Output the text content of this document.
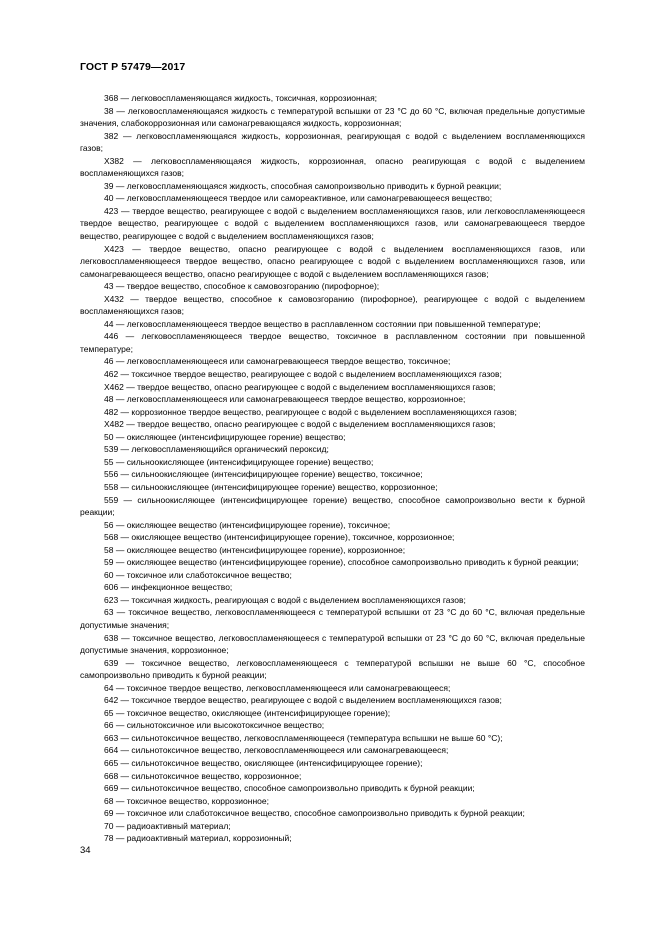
ГОСТ Р 57479—2017

368 — легковоспламеняющаяся жидкость, токсичная, коррозионная;

38 — легковоспламеняющаяся жидкость с температурой вспышки от 23 °С до 60 °С, включая предельные допустимые значения, слабокоррозионная или самонагревающаяся жидкость, коррозионная;

382 — легковоспламеняющаяся жидкость, коррозионная, реагирующая с водой с выделением воспламеняющихся газов;

X382 — легковоспламеняющаяся жидкость, коррозионная, опасно реагирующая с водой с выделением воспламеняющихся газов;

39 — легковоспламеняющаяся жидкость, способная самопроизвольно приводить к бурной реакции;

40 — легковоспламеняющееся твердое или самореактивное, или самонагревающееся вещество;

423 — твердое вещество, реагирующее с водой с выделением воспламеняющихся газов, или легковоспламеняющееся твердое вещество, реагирующее с водой с выделением воспламеняющихся газов, или самонагревающееся твердое вещество, реагирующее с водой с выделением воспламеняющихся газов;

X423 — твердое вещество, опасно реагирующее с водой с выделением воспламеняющихся газов, или легковоспламеняющееся твердое вещество, опасно реагирующее с водой с выделением воспламеняющихся газов, или самонагревающееся вещество, опасно реагирующее с водой с выделением воспламеняющихся газов;

43 — твердое вещество, способное к самовозгоранию (пирофорное);

X432 — твердое вещество, способное к самовозгоранию (пирофорное), реагирующее с водой с выделением воспламеняющихся газов;

44 — легковоспламеняющееся твердое вещество в расплавленном состоянии при повышенной температуре;

446 — легковоспламеняющееся твердое вещество, токсичное в расплавленном состоянии при повышенной температуре;

46 — легковоспламеняющееся или самонагревающееся твердое вещество, токсичное;

462 — токсичное твердое вещество, реагирующее с водой с выделением воспламеняющихся газов;

X462 — твердое вещество, опасно реагирующее с водой с выделением воспламеняющихся газов;

48 — легковоспламеняющееся или самонагревающееся твердое вещество, коррозионное;

482 — коррозионное твердое вещество, реагирующее с водой с выделением воспламеняющихся газов;

X482 — твердое вещество, опасно реагирующее с водой с выделением воспламеняющихся газов;

50 — окисляющее (интенсифицирующее горение) вещество;

539 — легковоспламеняющийся органический пероксид;

55 — сильноокисляющее (интенсифицирующее горение) вещество;

556 — сильноокисляющее (интенсифицирующее горение) вещество, токсичное;

558 — сильноокисляющее (интенсифицирующее горение) вещество, коррозионное;

559 — сильноокисляющее (интенсифицирующее горение) вещество, способное самопроизвольно вести к бурной реакции;

56 — окисляющее вещество (интенсифицирующее горение), токсичное;

568 — окисляющее вещество (интенсифицирующее горение), токсичное, коррозионное;

58 — окисляющее вещество (интенсифицирующее горение), коррозионное;

59 — окисляющее вещество (интенсифицирующее горение), способное самопроизвольно приводить к бурной реакции;

60 — токсичное или слаботоксичное вещество;

606 — инфекционное вещество;

623 — токсичная жидкость, реагирующая с водой с выделением воспламеняющихся газов;

63 — токсичное вещество, легковоспламеняющееся с температурой вспышки от 23 °С до 60 °С, включая предельные допустимые значения;

638 — токсичное вещество, легковоспламеняющееся с температурой вспышки от 23 °С до 60 °С, включая предельные допустимые значения, коррозионное;

639 — токсичное вещество, легковоспламеняющееся с температурой вспышки не выше 60 °С, способное самопроизвольно приводить к бурной реакции;

64 — токсичное твердое вещество, легковоспламеняющееся или самонагревающееся;

642 — токсичное твердое вещество, реагирующее с водой с выделением воспламеняющихся газов;

65 — токсичное вещество, окисляющее (интенсифицирующее горение);

66 — сильнотоксичное или высокотоксичное вещество;

663 — сильнотоксичное вещество, легковоспламеняющееся (температура вспышки не выше 60 °С);

664 — сильнотоксичное вещество, легковоспламеняющееся или самонагревающееся;

665 — сильнотоксичное вещество, окисляющее (интенсифицирующее горение);

668 — сильнотоксичное вещество, коррозионное;

669 — сильнотоксичное вещество, способное самопроизвольно приводить к бурной реакции;

68 — токсичное вещество, коррозионное;

69 — токсичное или слаботоксичное вещество, способное самопроизвольно приводить к бурной реакции;

70 — радиоактивный материал;

78 — радиоактивный материал, коррозионный;

34
